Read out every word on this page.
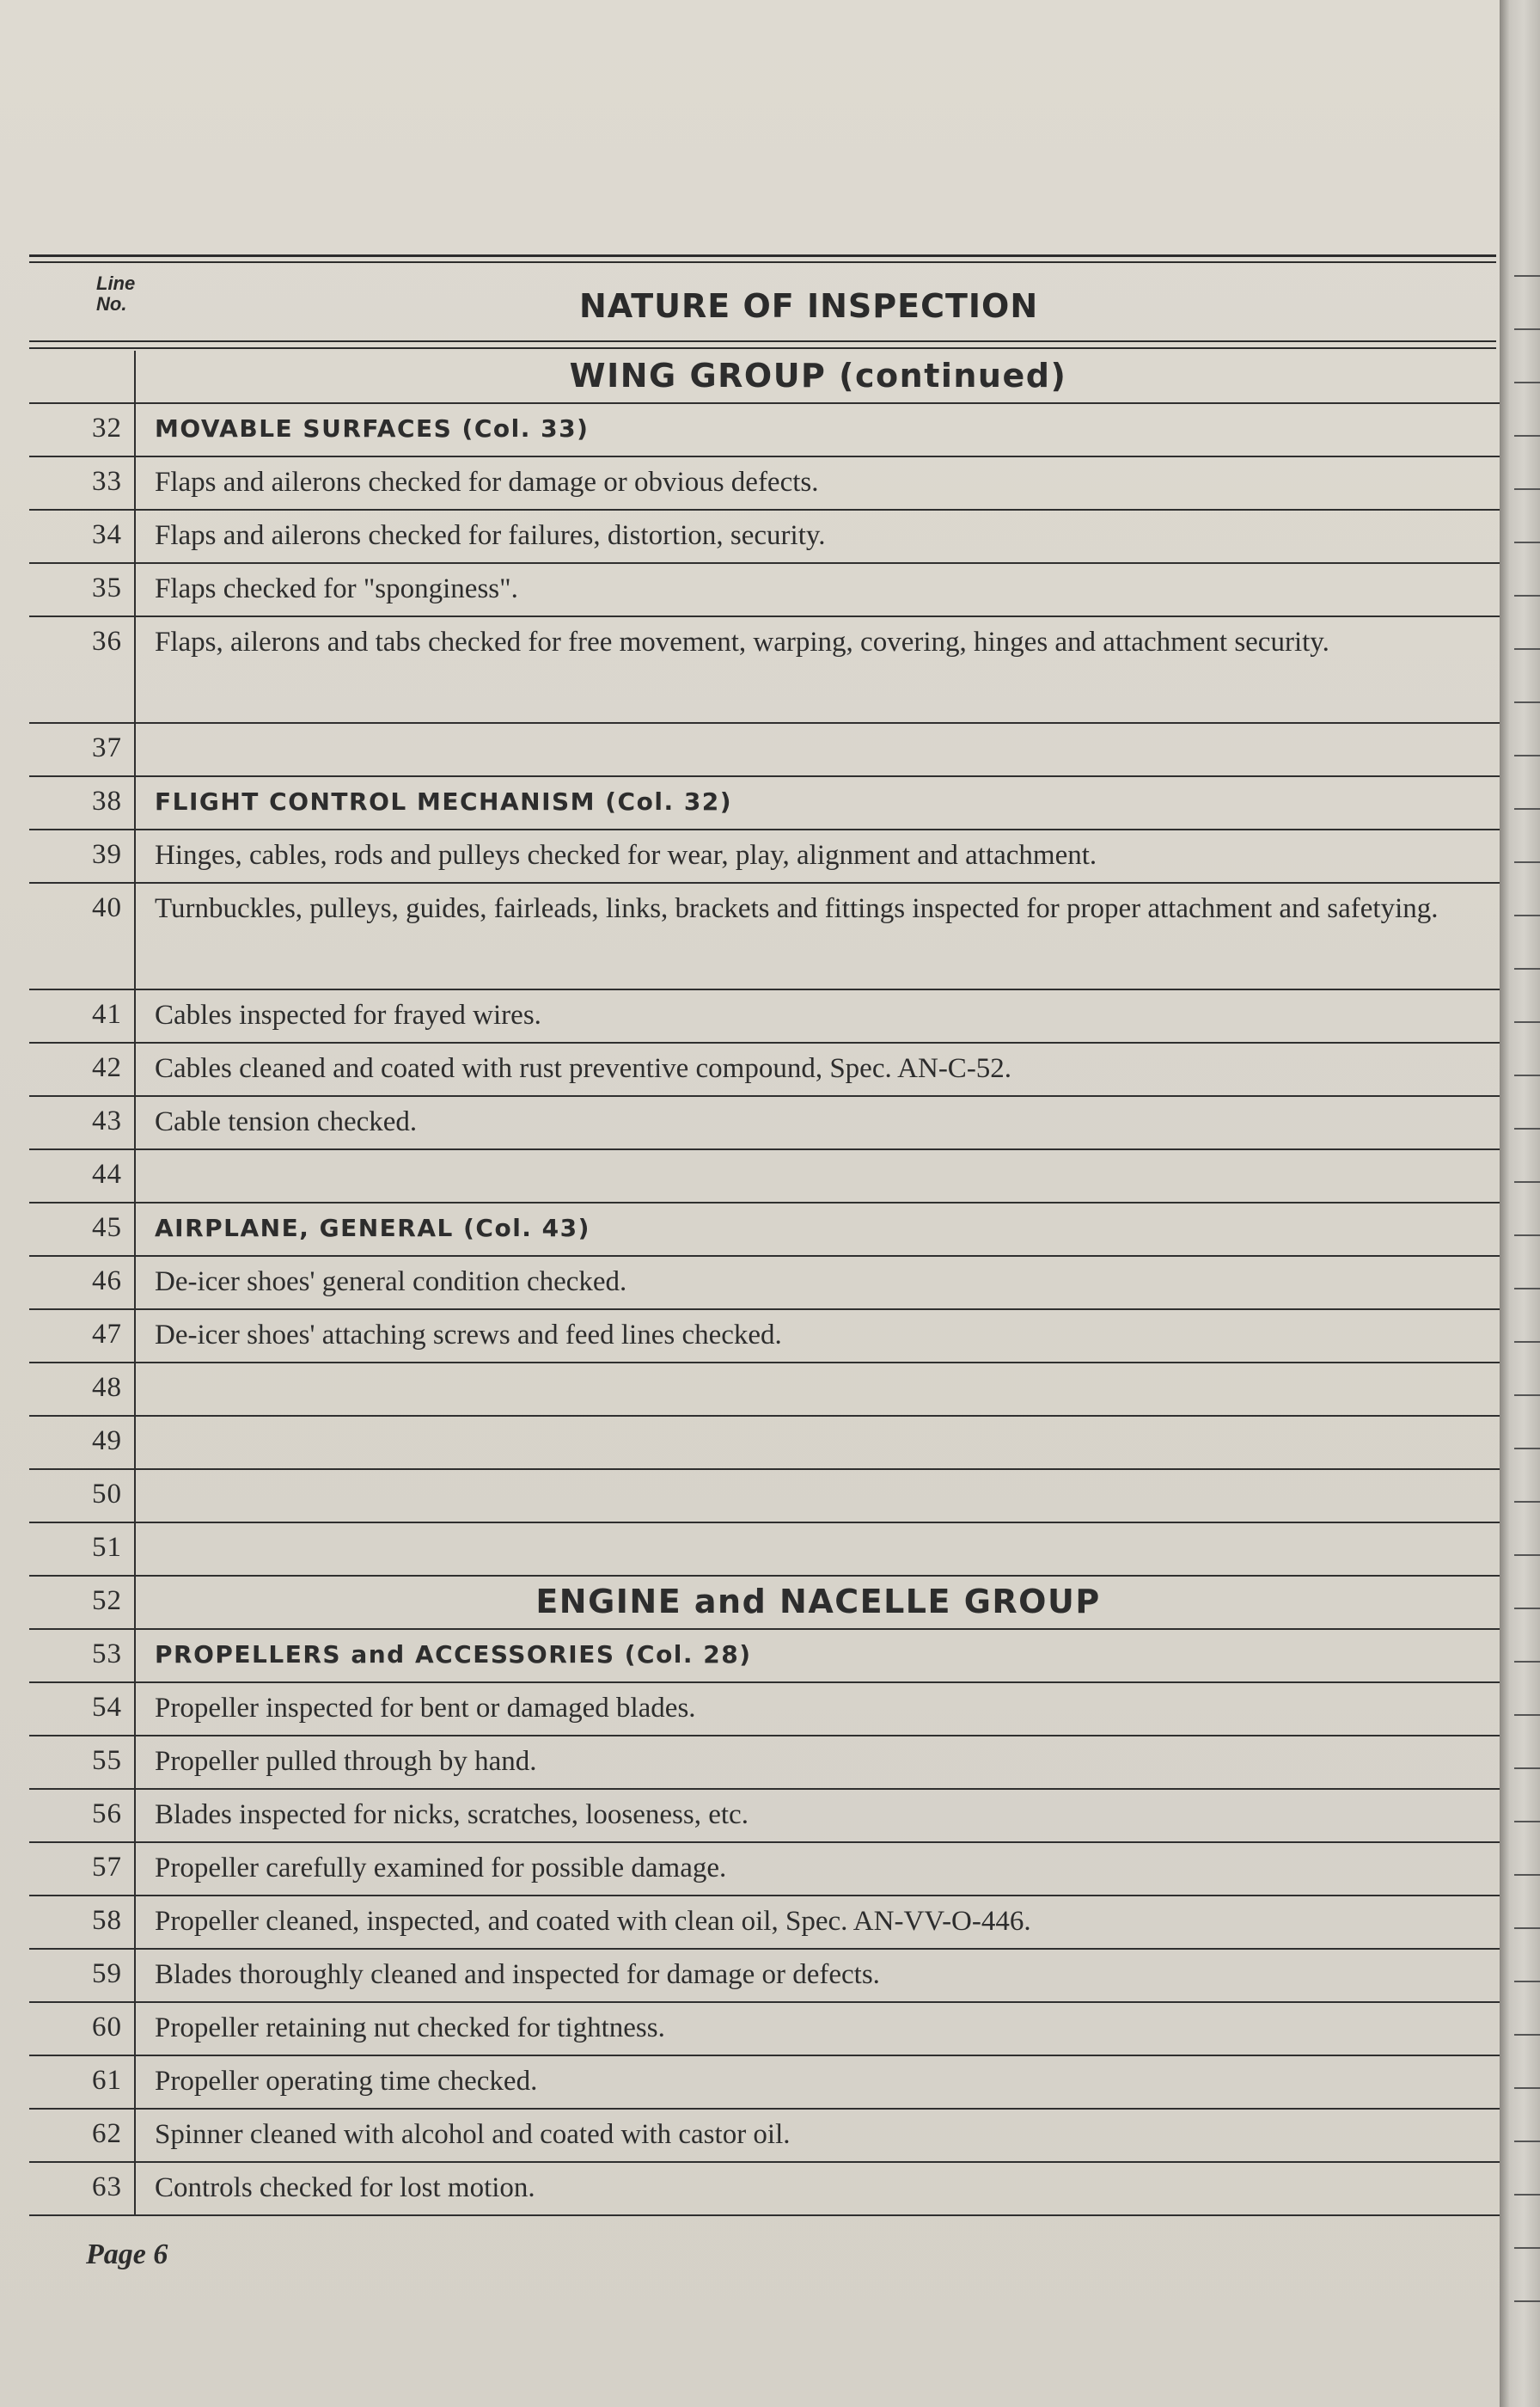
Line No.	NATURE OF INSPECTION
WING GROUP (continued)
32	MOVABLE SURFACES (Col. 33)
33	Flaps and ailerons checked for damage or obvious defects.
34	Flaps and ailerons checked for failures, distortion, security.
35	Flaps checked for "sponginess".
36	Flaps, ailerons and tabs checked for free movement, warping, covering, hinges and attachment security.
37
38	FLIGHT CONTROL MECHANISM (Col. 32)
39	Hinges, cables, rods and pulleys checked for wear, play, alignment and attachment.
40	Turnbuckles, pulleys, guides, fairleads, links, brackets and fittings inspected for proper attachment and safetying.
41	Cables inspected for frayed wires.
42	Cables cleaned and coated with rust preventive compound, Spec. AN-C-52.
43	Cable tension checked.
44
45	AIRPLANE, GENERAL (Col. 43)
46	De-icer shoes' general condition checked.
47	De-icer shoes' attaching screws and feed lines checked.
48
49
50
51
52	ENGINE and NACELLE GROUP
53	PROPELLERS and ACCESSORIES (Col. 28)
54	Propeller inspected for bent or damaged blades.
55	Propeller pulled through by hand.
56	Blades inspected for nicks, scratches, looseness, etc.
57	Propeller carefully examined for possible damage.
58	Propeller cleaned, inspected, and coated with clean oil, Spec. AN-VV-O-446.
59	Blades thoroughly cleaned and inspected for damage or defects.
60	Propeller retaining nut checked for tightness.
61	Propeller operating time checked.
62	Spinner cleaned with alcohol and coated with castor oil.
63	Controls checked for lost motion.
Page 6
